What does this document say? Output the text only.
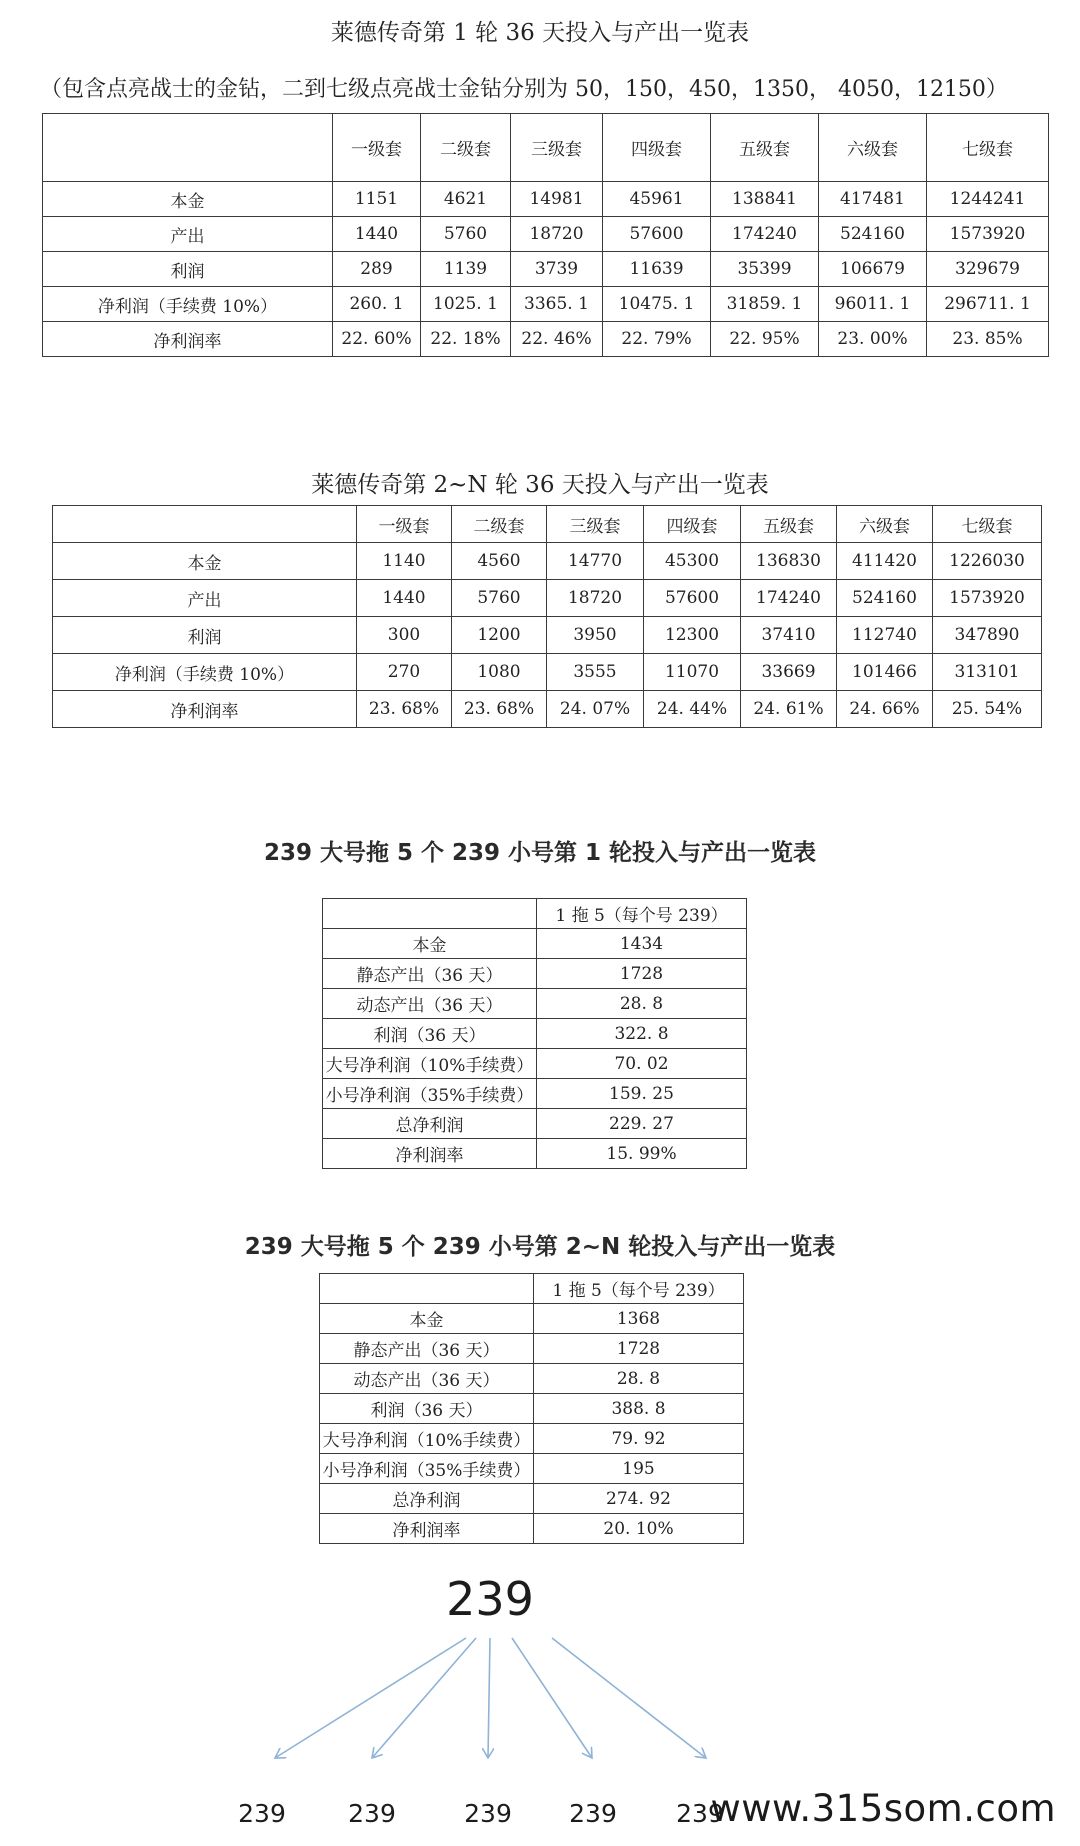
莱德传奇第 1 轮 36 天投入与产出一览表

（包含点亮战士的金钻，二到七级点亮战士金钻分别为 50，150，450，1350， 4050，12150）

	一级套	二级套	三级套	四级套	五级套	六级套	七级套
本金	1151	4621	14981	45961	138841	417481	1244241
产出	1440	5760	18720	57600	174240	524160	1573920
利润	289	1139	3739	11639	35399	106679	329679
净利润（手续费 10%）	260. 1	1025. 1	3365. 1	10475. 1	31859. 1	96011. 1	296711. 1
净利润率	22. 60%	22. 18%	22. 46%	22. 79%	22. 95%	23. 00%	23. 85%
莱德传奇第 2~N 轮 36 天投入与产出一览表
	一级套	二级套	三级套	四级套	五级套	六级套	七级套
本金	1140	4560	14770	45300	136830	411420	1226030
产出	1440	5760	18720	57600	174240	524160	1573920
利润	300	1200	3950	12300	37410	112740	347890
净利润（手续费 10%）	270	1080	3555	11070	33669	101466	313101
净利润率	23. 68%	23. 68%	24. 07%	24. 44%	24. 61%	24. 66%	25. 54%
239 大号拖 5 个 239 小号第 1 轮投入与产出一览表
	1 拖 5（每个号 239）
本金	1434
静态产出（36 天）	1728
动态产出（36 天）	28. 8
利润（36 天）	322. 8
大号净利润（10%手续费）	70. 02
小号净利润（35%手续费）	159. 25
总净利润	229. 27
净利润率	15. 99%
239 大号拖 5 个 239 小号第 2~N 轮投入与产出一览表
	1 拖 5（每个号 239）
本金	1368
静态产出（36 天）	1728
动态产出（36 天）	28. 8
利润（36 天）	388. 8
大号净利润（10%手续费）	79. 92
小号净利润（35%手续费）	195
总净利润	274. 92
净利润率	20. 10%
239
239 239	239 239 239
www.315som.com
